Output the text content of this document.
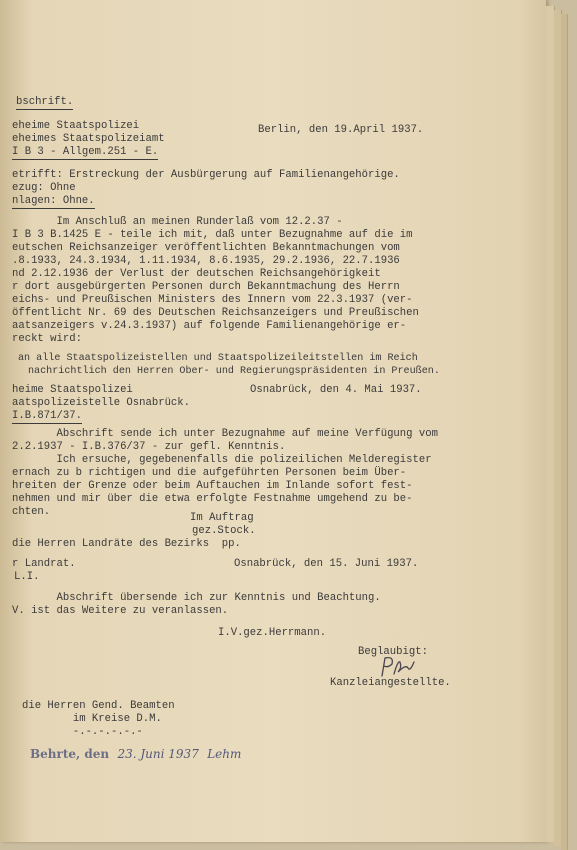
bschrift.
eheime Staatspolizei	Berlin, den 19.April 1937.
eheimes Staatspolizeiamt
I B 3 - Allgem.251 - E.
etrifft: Erstreckung der Ausbürgerung auf Familienangehörige.
ezug: Ohne
nlagen: Ohne.
Im Anschluß an meinen Runderlaß vom 12.2.37 -
I B 3 B.1425 E - teile ich mit, daß unter Bezugnahme auf die im
eutschen Reichsanzeiger veröffentlichten Bekanntmachungen vom
.8.1933, 24.3.1934, 1.11.1934, 8.6.1935, 29.2.1936, 22.7.1936
nd 2.12.1936 der Verlust der deutschen Reichsangehörigkeit
r dort ausgebürgerten Personen durch Bekanntmachung des Herrn
eichs- und Preußischen Ministers des Innern vom 22.3.1937 (ver-
öffentlicht Nr. 69 des Deutschen Reichsanzeigers und Preußischen
aatsanzeigers v.24.3.1937) auf folgende Familienangehörige er-
reckt wird:
an alle Staatspolizeistellen und Staatspolizeileitstellen im Reich
nachrichtlich den Herren Ober- und Regierungspräsidenten in Preußen.
heime Staatspolizei	Osnabrück, den 4. Mai 1937.
aatspolizeistelle Osnabrück.
I.B.871/37.
Abschrift sende ich unter Bezugnahme auf meine Verfügung vom
2.2.1937 - I.B.376/37 - zur gefl. Kenntnis.
Ich ersuche, gegebenenfalls die polizeilichen Melderegister
ernach zu b richtigen und die aufgeführten Personen beim Über-
hreiten der Grenze oder beim Auftauchen im Inlande sofort fest-
nehmen und mir über die etwa erfolgte Festnahme umgehend zu be-
chten.	Im Auftrag
gez.Stock.
die Herren Landräte des Bezirks  pp.
r Landrat.	Osnabrück, den 15. Juni 1937.
L.I.
Abschrift übersende ich zur Kenntnis und Beachtung.
V. ist das Weitere zu veranlassen.
I.V.gez.Herrmann.
Beglaubigt:
Kanzleiangestellte.
die Herren Gend. Beamten
im Kreise D.M.
-.-.-.-.-.-
Behrte, den 23. Juni 1937 Lehm
